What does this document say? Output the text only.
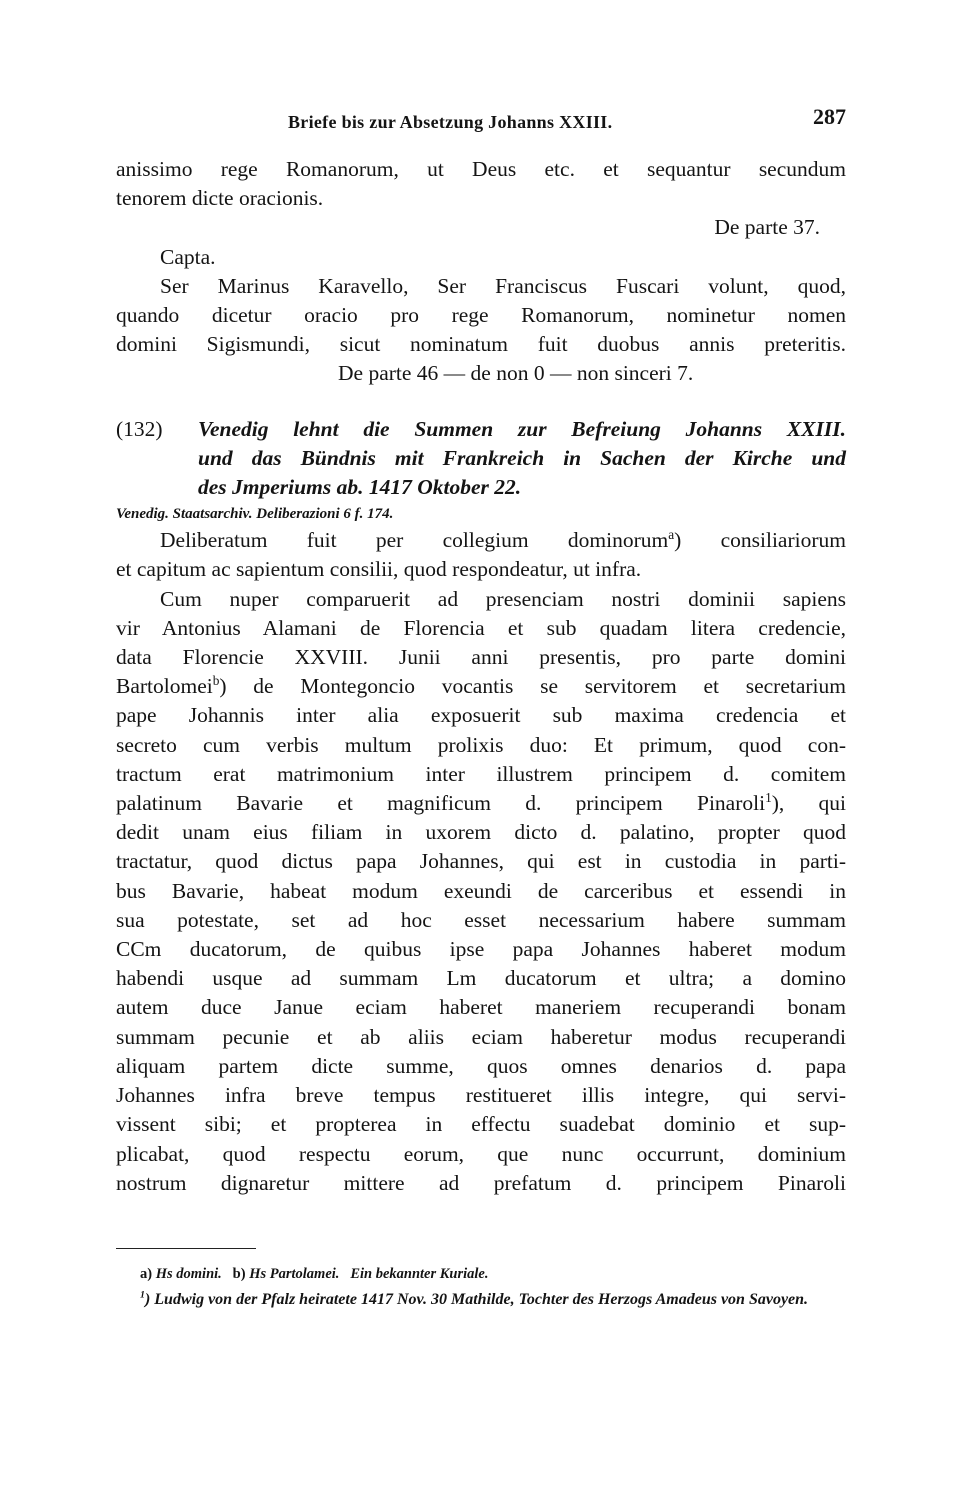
Briefe bis zur Absetzung Johanns XXIII.	287

anissimo rege Romanorum, ut Deus etc. et sequantur secundum

tenorem dicte oracionis.

De parte 37.

Capta.

Ser Marinus Karavello, Ser Franciscus Fuscari volunt, quod,

quando dicetur oracio pro rege Romanorum, nominetur nomen

domini Sigismundi, sicut nominatum fuit duobus annis preteritis.

De parte 46 — de non 0 — non sinceri 7.

(132)	Venedig lehnt die Summen zur Befreiung Johanns XXIII.

und das Bündnis mit Frankreich in Sachen der Kirche und

des Jmperiums ab. 1417 Oktober 22.

Venedig. Staatsarchiv. Deliberazioni 6 f. 174.

Deliberatum fuit per collegium dominorum$^a$) consiliariorum

et capitum ac sapientum consilii, quod respondeatur, ut infra.

Cum nuper comparuerit ad presenciam nostri dominii sapiens

vir Antonius Alamani de Florencia et sub quadam litera credencie,

data Florencie XXVIII. Junii anni presentis, pro parte domini

Bartolomei$^b$) de Montegoncio vocantis se servitorem et secretarium

pape Johannis inter alia exposuerit sub maxima credencia et

secreto cum verbis multum prolixis duo: Et primum, quod con-

tractum erat matrimonium inter illustrem principem d. comitem

palatinum Bavarie et magnificum d. principem Pinaroli$^1$), qui

dedit unam eius filiam in uxorem dicto d. palatino, propter quod

tractatur, quod dictus papa Johannes, qui est in custodia in parti-

bus Bavarie, habeat modum exeundi de carceribus et essendi in

sua potestate, set ad hoc esset necessarium habere summam

CCm ducatorum, de quibus ipse papa Johannes haberet modum

habendi usque ad summam Lm ducatorum et ultra; a domino

autem duce Janue eciam haberet maneriem recuperandi bonam

summam pecunie et ab aliis eciam haberetur modus recuperandi

aliquam partem dicte summe, quos omnes denarios d. papa

Johannes infra breve tempus restitueret illis integre, qui servi-

vissent sibi; et propterea in effectu suadebat dominio et sup-

plicabat, quod respectu eorum, que nunc occurrunt, dominium

nostrum dignaretur mittere ad prefatum d. principem Pinaroli

a) Hs domini. b) Hs Partolamei. Ein bekannter Kuriale.

$^1$) Ludwig von der Pfalz heiratete 1417 Nov. 30 Mathilde, Tochter des Herzogs Amadeus von Savoyen.
